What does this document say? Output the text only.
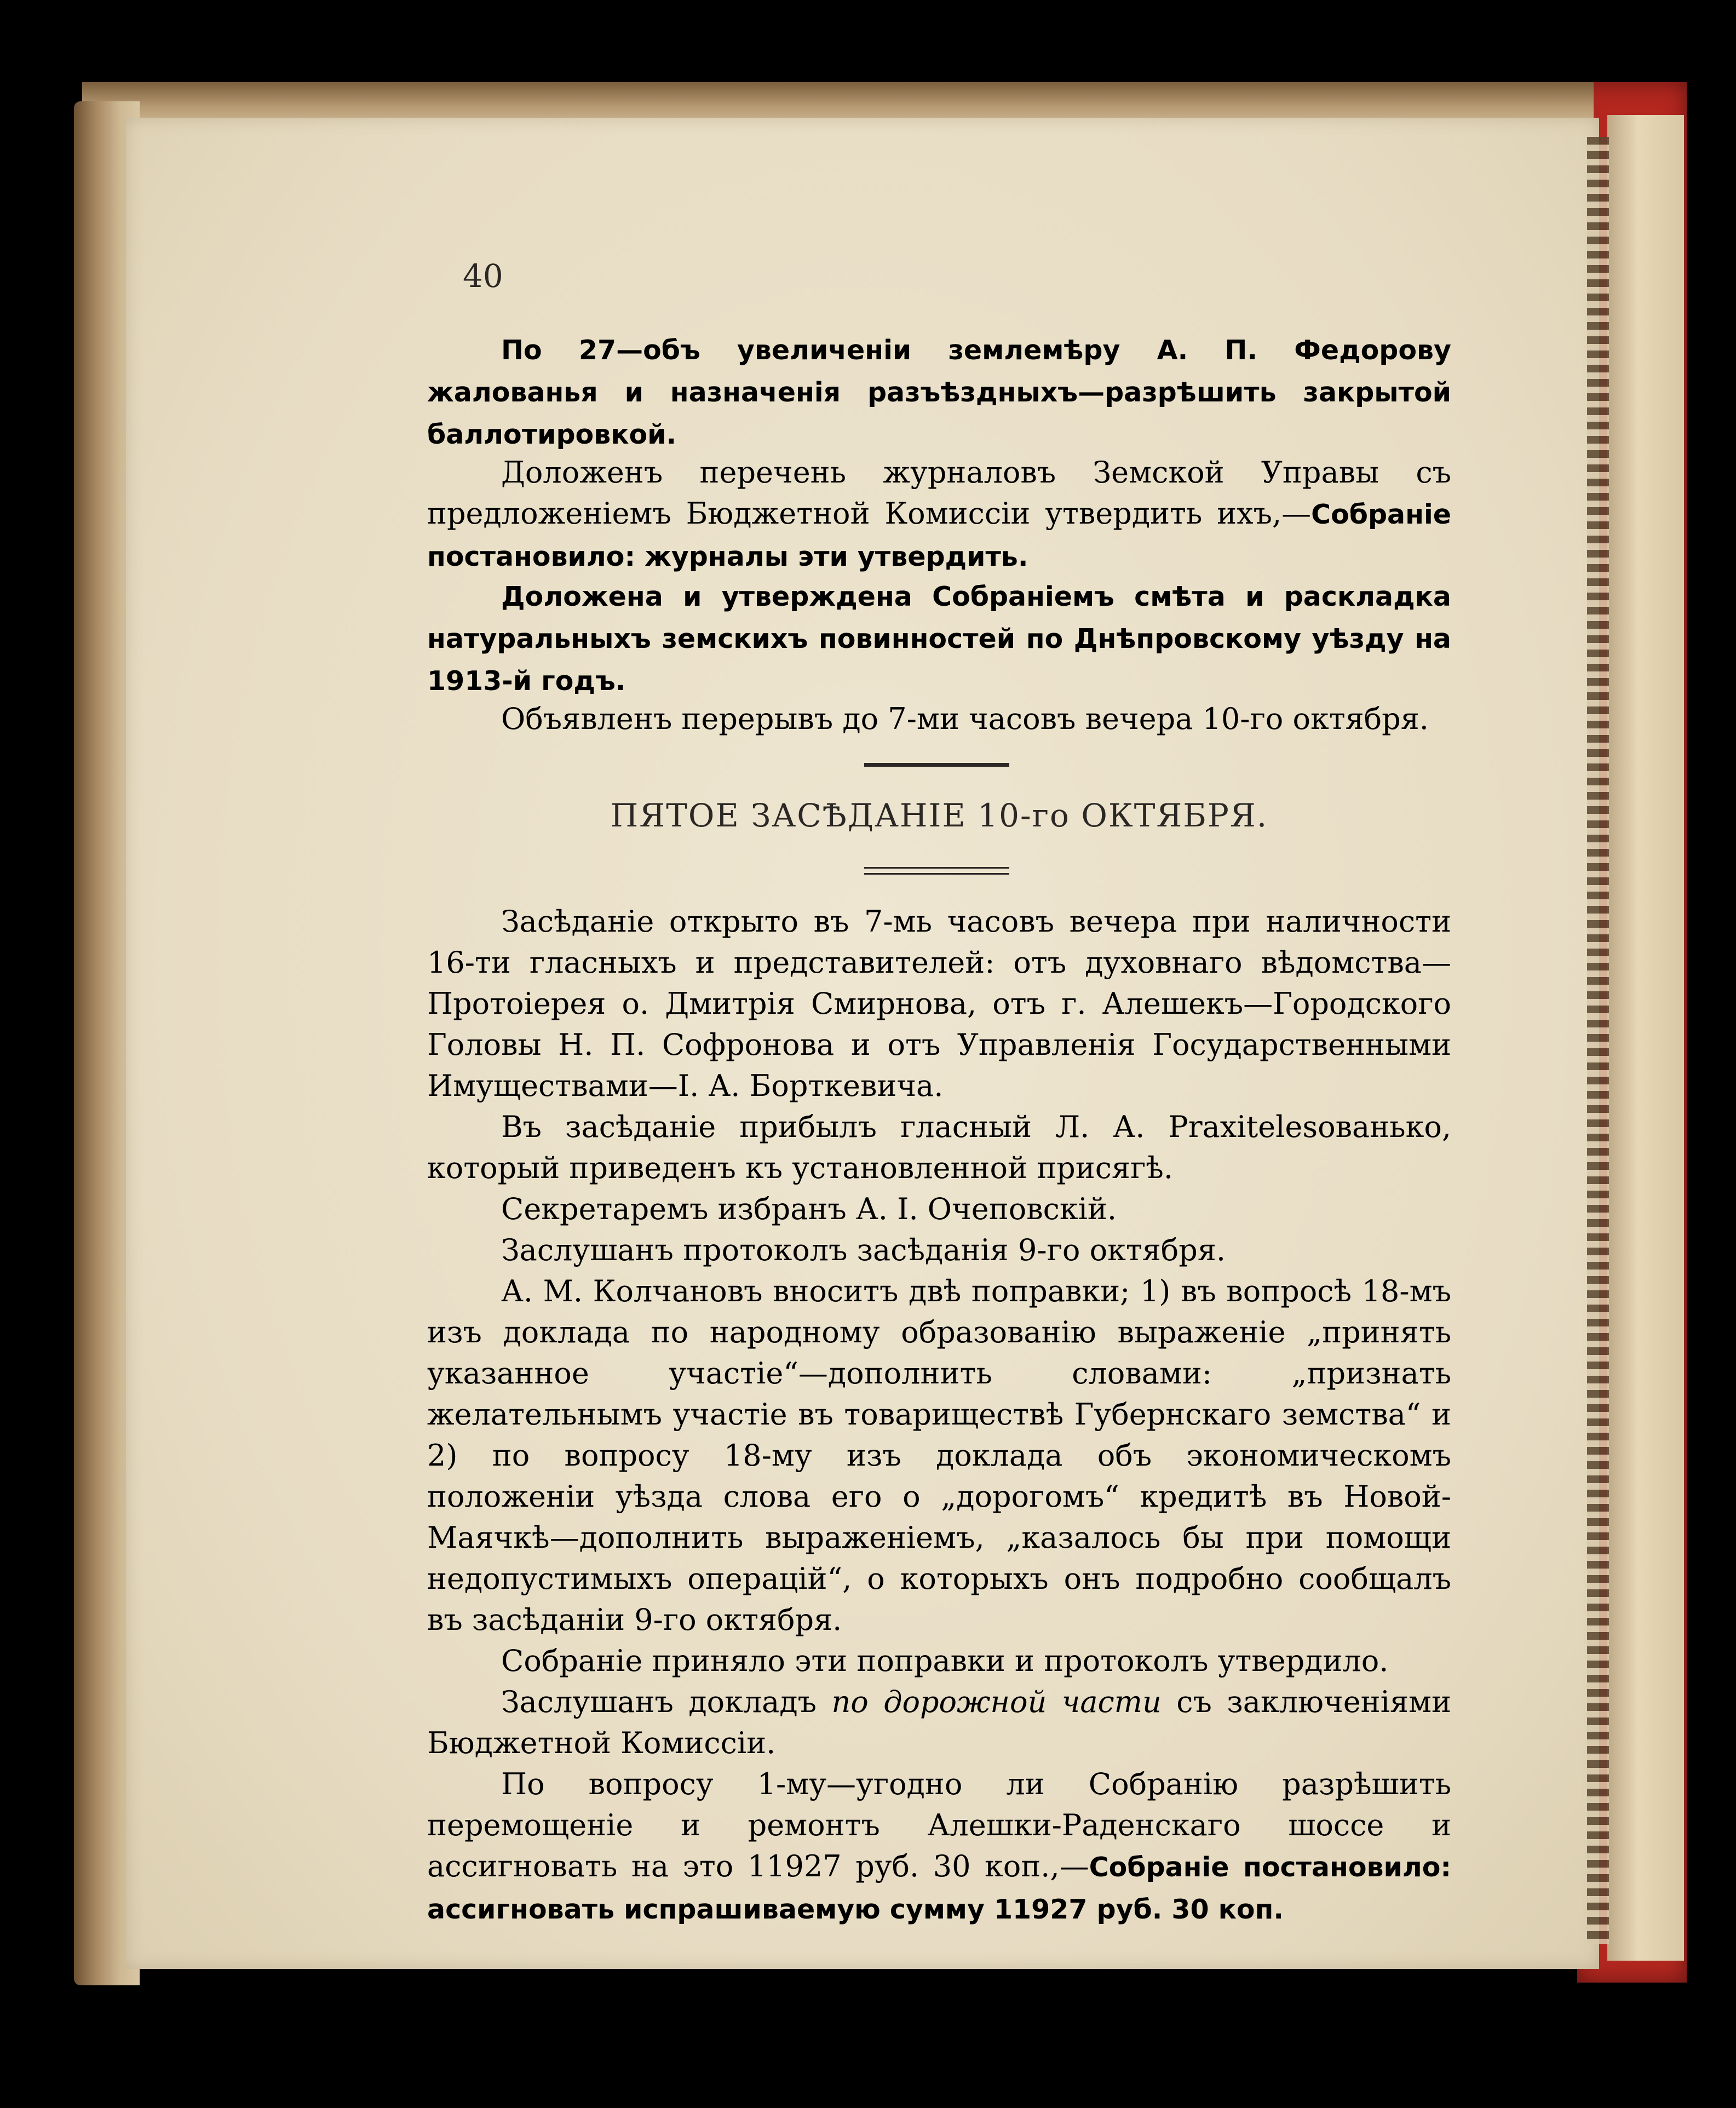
40

По 27—объ увеличеніи землемѣру А. П. Федорову жалованья и назначенія разъѣздныхъ—разрѣшить закрытой баллотировкой.

Доложенъ перечень журналовъ Земской Управы съ предложеніемъ Бюджетной Комиссіи утвердить ихъ,—Собраніе постановило: журналы эти утвердить.

Доложена и утверждена Собраніемъ смѣта и раскладка натуральныхъ земскихъ повинностей по Днѣпровскому уѣзду на 1913-й годъ.

Объявленъ перерывъ до 7-ми часовъ вечера 10-го октября.

ПЯТОЕ ЗАСѢДАНІЕ 10-го ОКТЯБРЯ.

Засѣданіе открыто въ 7-мь часовъ вечера при наличности 16-ти гласныхъ и представителей: отъ духовнаго вѣдомства—Протоіерея о. Дмитрія Смирнова, отъ г. Алешекъ—Городского Головы Н. П. Софронова и отъ Управленія Государственными Имуществами—І. А. Борткевича.

Въ засѣданіе прибылъ гласный Л. А. Praxitelesованько, который приведенъ къ установленной присягѣ.

Секретаремъ избранъ А. І. Очеповскій.

Заслушанъ протоколъ засѣданія 9-го октября.

А. М. Колчановъ вноситъ двѣ поправки; 1) въ вопросѣ 18-мъ изъ доклада по народному образованію выраженіе „принять указанное участіе“—дополнить словами: „признать желательнымъ участіе въ товариществѣ Губернскаго земства“ и 2) по вопросу 18-му изъ доклада объ экономическомъ положеніи уѣзда слова его о „дорогомъ“ кредитѣ въ Новой-Маячкѣ—дополнить выраженіемъ, „казалось бы при помощи недопустимыхъ операцій“, о которыхъ онъ подробно сообщалъ въ засѣданіи 9-го октября.

Собраніе приняло эти поправки и протоколъ утвердило.

Заслушанъ докладъ по дорожной части съ заключеніями Бюджетной Комиссіи.

По вопросу 1-му—угодно ли Собранію разрѣшить перемощеніе и ремонтъ Алешки-Раденскаго шоссе и ассигновать на это 11927 руб. 30 коп.,—Собраніе постановило: ассигновать испрашиваемую сумму 11927 руб. 30 коп.
